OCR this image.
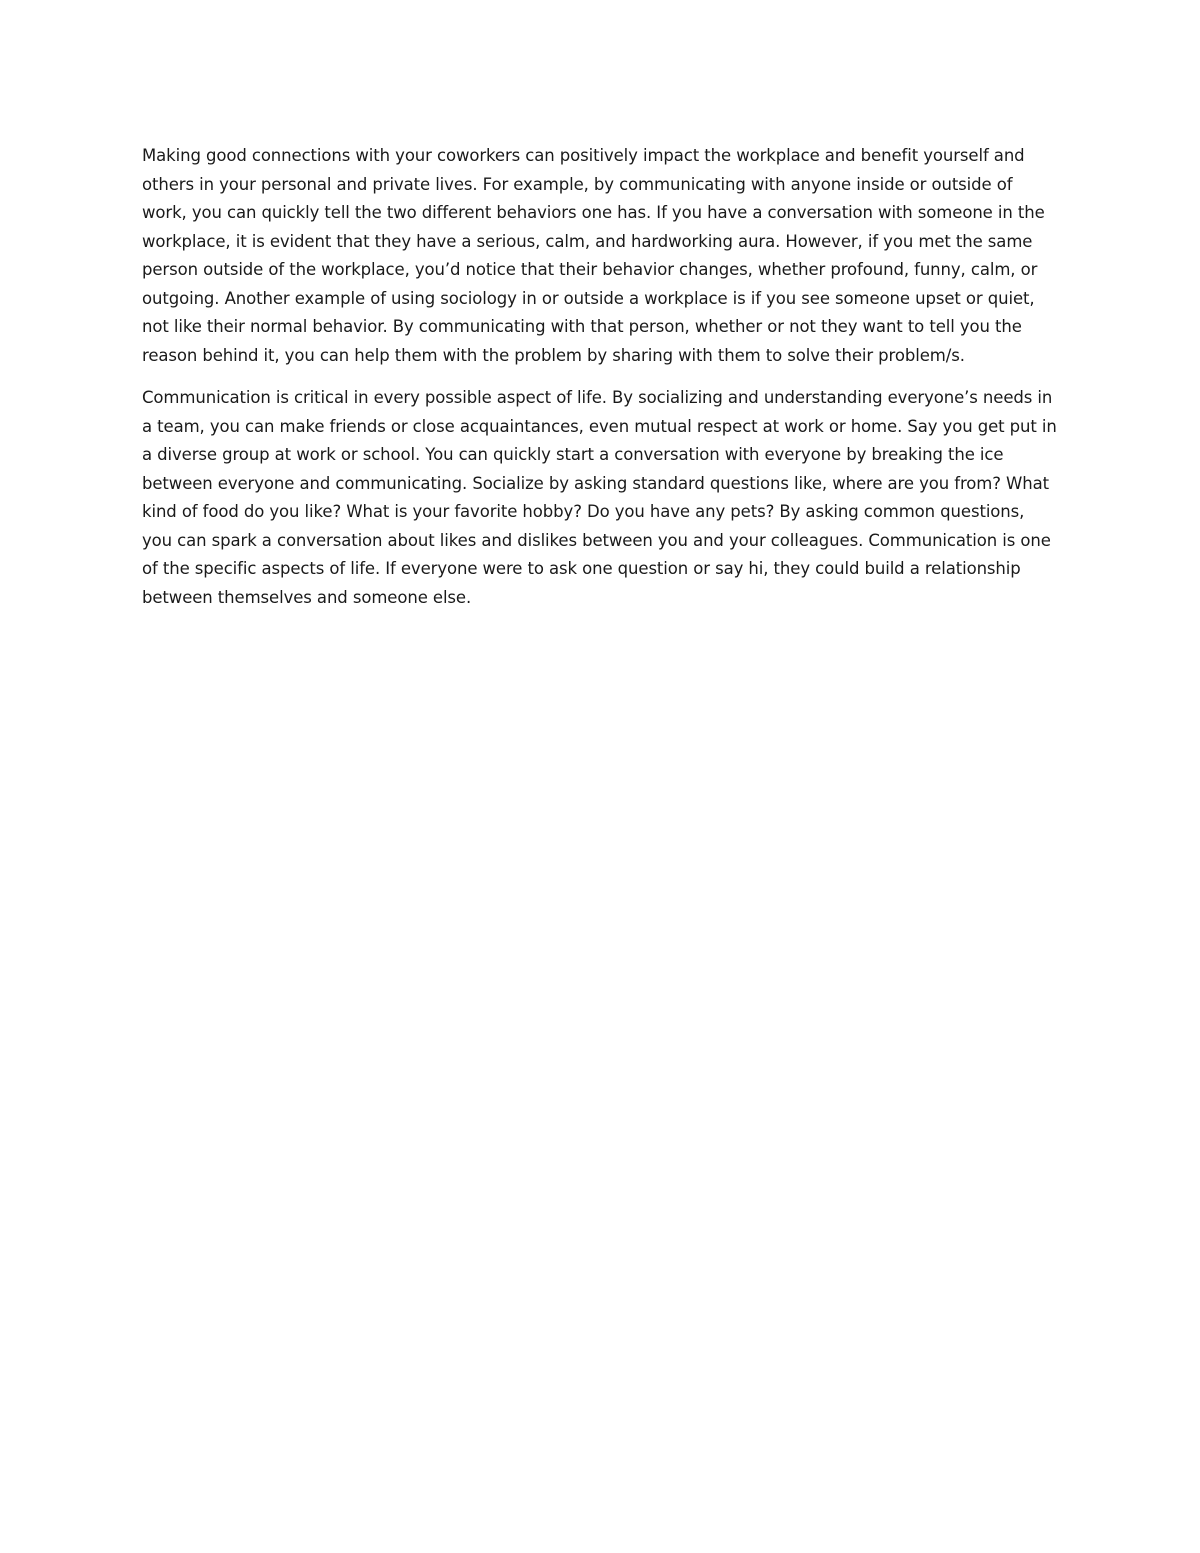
Making good connections with your coworkers can positively impact the workplace and benefit yourself and others in your personal and private lives. For example, by communicating with anyone inside or outside of work, you can quickly tell the two different behaviors one has. If you have a conversation with someone in the workplace, it is evident that they have a serious, calm, and hardworking aura. However, if you met the same person outside of the workplace, you’d notice that their behavior changes, whether profound, funny, calm, or outgoing. Another example of using sociology in or outside a workplace is if you see someone upset or quiet, not like their normal behavior. By communicating with that person, whether or not they want to tell you the reason behind it, you can help them with the problem by sharing with them to solve their problem/s.

Communication is critical in every possible aspect of life. By socializing and understanding everyone’s needs in a team, you can make friends or close acquaintances, even mutual respect at work or home. Say you get put in a diverse group at work or school. You can quickly start a conversation with everyone by breaking the ice between everyone and communicating. Socialize by asking standard questions like, where are you from? What kind of food do you like? What is your favorite hobby? Do you have any pets? By asking common questions, you can spark a conversation about likes and dislikes between you and your colleagues. Communication is one of the specific aspects of life. If everyone were to ask one question or say hi, they could build a relationship between themselves and someone else.
